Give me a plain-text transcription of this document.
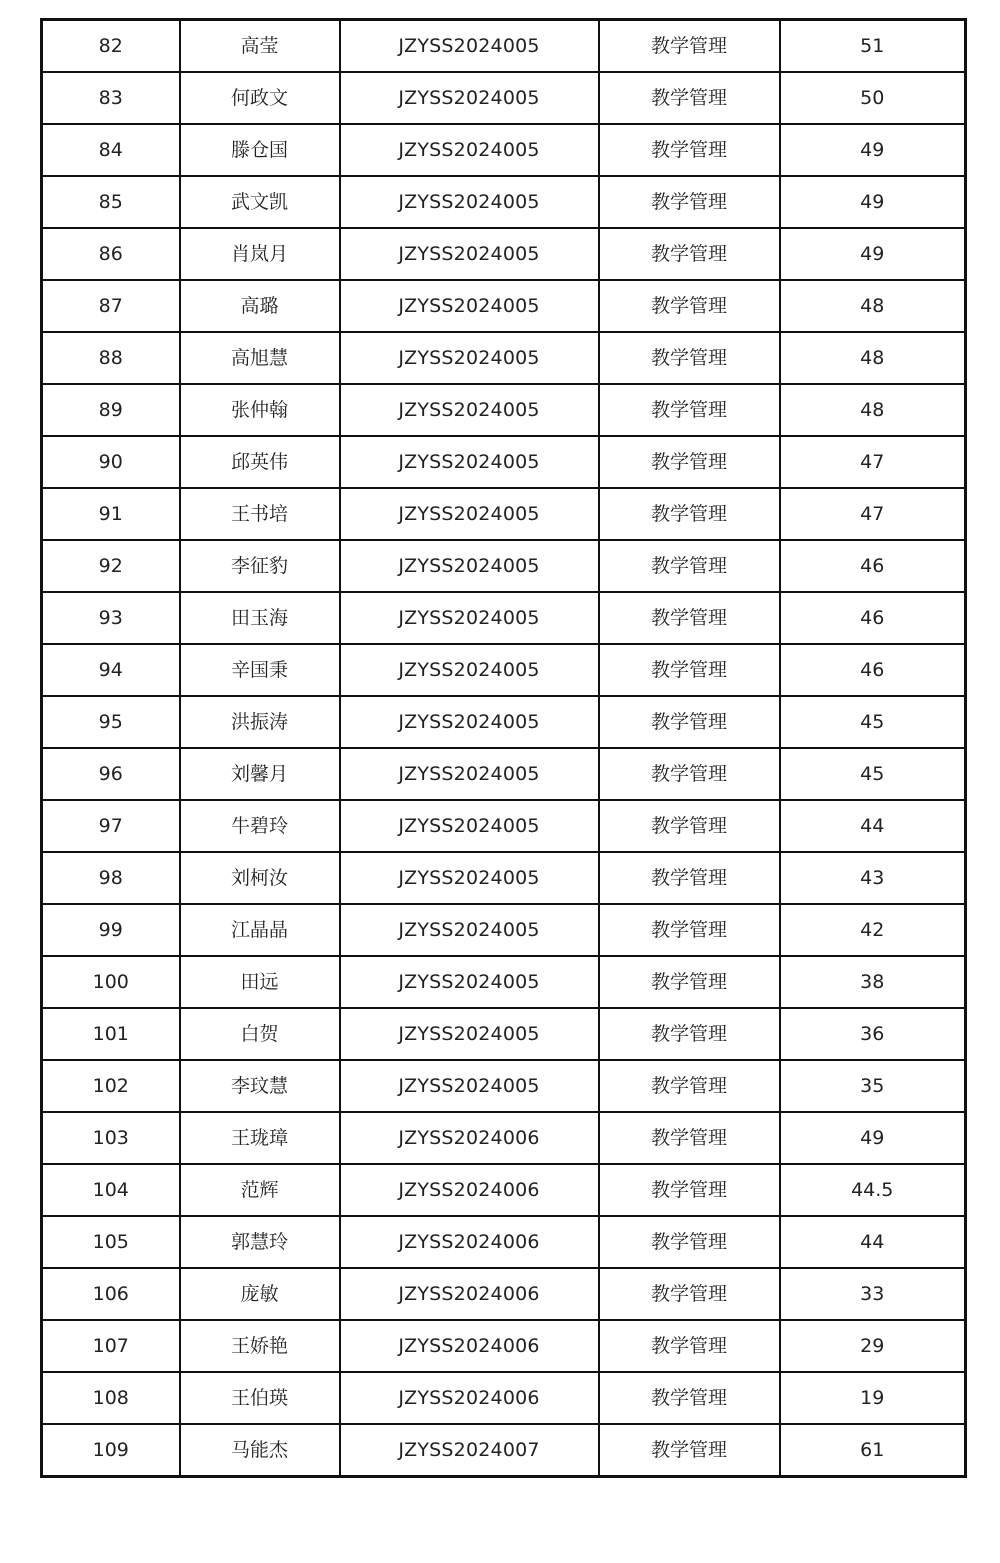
82	高莹	JZYSS2024005	教学管理	51
83	何政文	JZYSS2024005	教学管理	50
84	滕仓国	JZYSS2024005	教学管理	49
85	武文凯	JZYSS2024005	教学管理	49
86	肖岚月	JZYSS2024005	教学管理	49
87	高璐	JZYSS2024005	教学管理	48
88	高旭慧	JZYSS2024005	教学管理	48
89	张仲翰	JZYSS2024005	教学管理	48
90	邱英伟	JZYSS2024005	教学管理	47
91	王书培	JZYSS2024005	教学管理	47
92	李征豹	JZYSS2024005	教学管理	46
93	田玉海	JZYSS2024005	教学管理	46
94	辛国秉	JZYSS2024005	教学管理	46
95	洪振涛	JZYSS2024005	教学管理	45
96	刘馨月	JZYSS2024005	教学管理	45
97	牛碧玲	JZYSS2024005	教学管理	44
98	刘柯汝	JZYSS2024005	教学管理	43
99	江晶晶	JZYSS2024005	教学管理	42
100	田远	JZYSS2024005	教学管理	38
101	白贺	JZYSS2024005	教学管理	36
102	李玟慧	JZYSS2024005	教学管理	35
103	王珑璋	JZYSS2024006	教学管理	49
104	范辉	JZYSS2024006	教学管理	44.5
105	郭慧玲	JZYSS2024006	教学管理	44
106	庞敏	JZYSS2024006	教学管理	33
107	王娇艳	JZYSS2024006	教学管理	29
108	王伯瑛	JZYSS2024006	教学管理	19
109	马能杰	JZYSS2024007	教学管理	61
